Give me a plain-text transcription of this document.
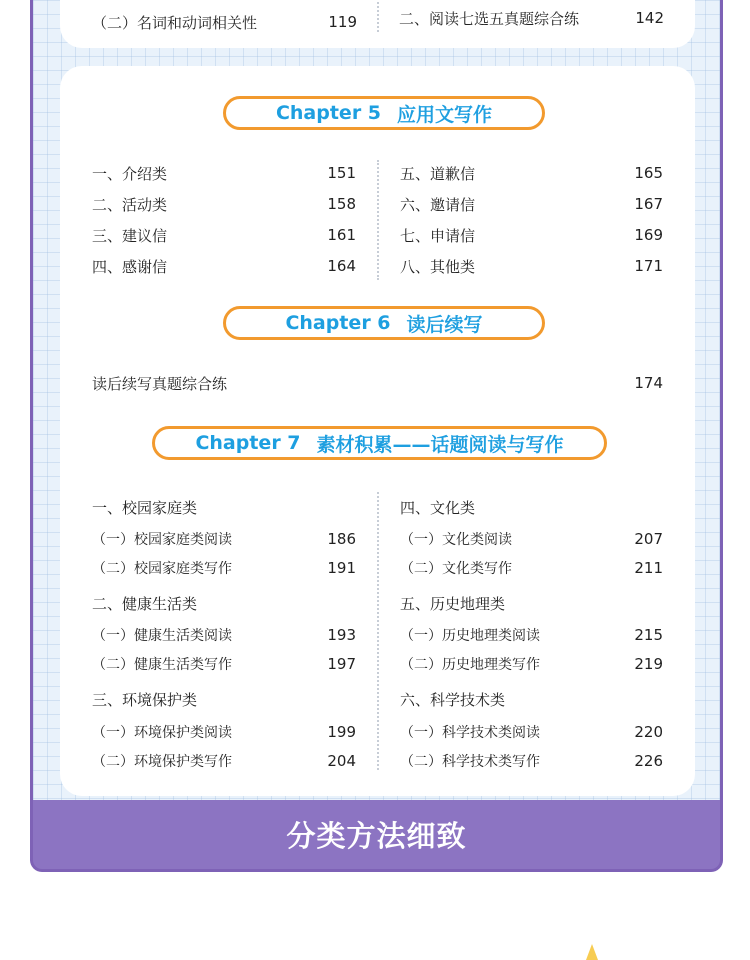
（二）名词和动词相关性	119	二、阅读七选五真题综合练	142
Chapter 5 应用文写作
一、介绍类	151
二、活动类	158
三、建议信	161
四、感谢信	164
五、道歉信	165
六、邀请信	167
七、申请信	169
八、其他类	171
Chapter 6 读后续写
读后续写真题综合练	174
Chapter 7 素材积累——话题阅读与写作
一、校园家庭类
（一）校园家庭类阅读	186
（二）校园家庭类写作	191
二、健康生活类
（一）健康生活类阅读	193
（二）健康生活类写作	197
三、环境保护类
（一）环境保护类阅读	199
（二）环境保护类写作	204
四、文化类
（一）文化类阅读	207
（二）文化类写作	211
五、历史地理类
（一）历史地理类阅读	215
（二）历史地理类写作	219
六、科学技术类
（一）科学技术类阅读	220
（二）科学技术类写作	226
分类方法细致
